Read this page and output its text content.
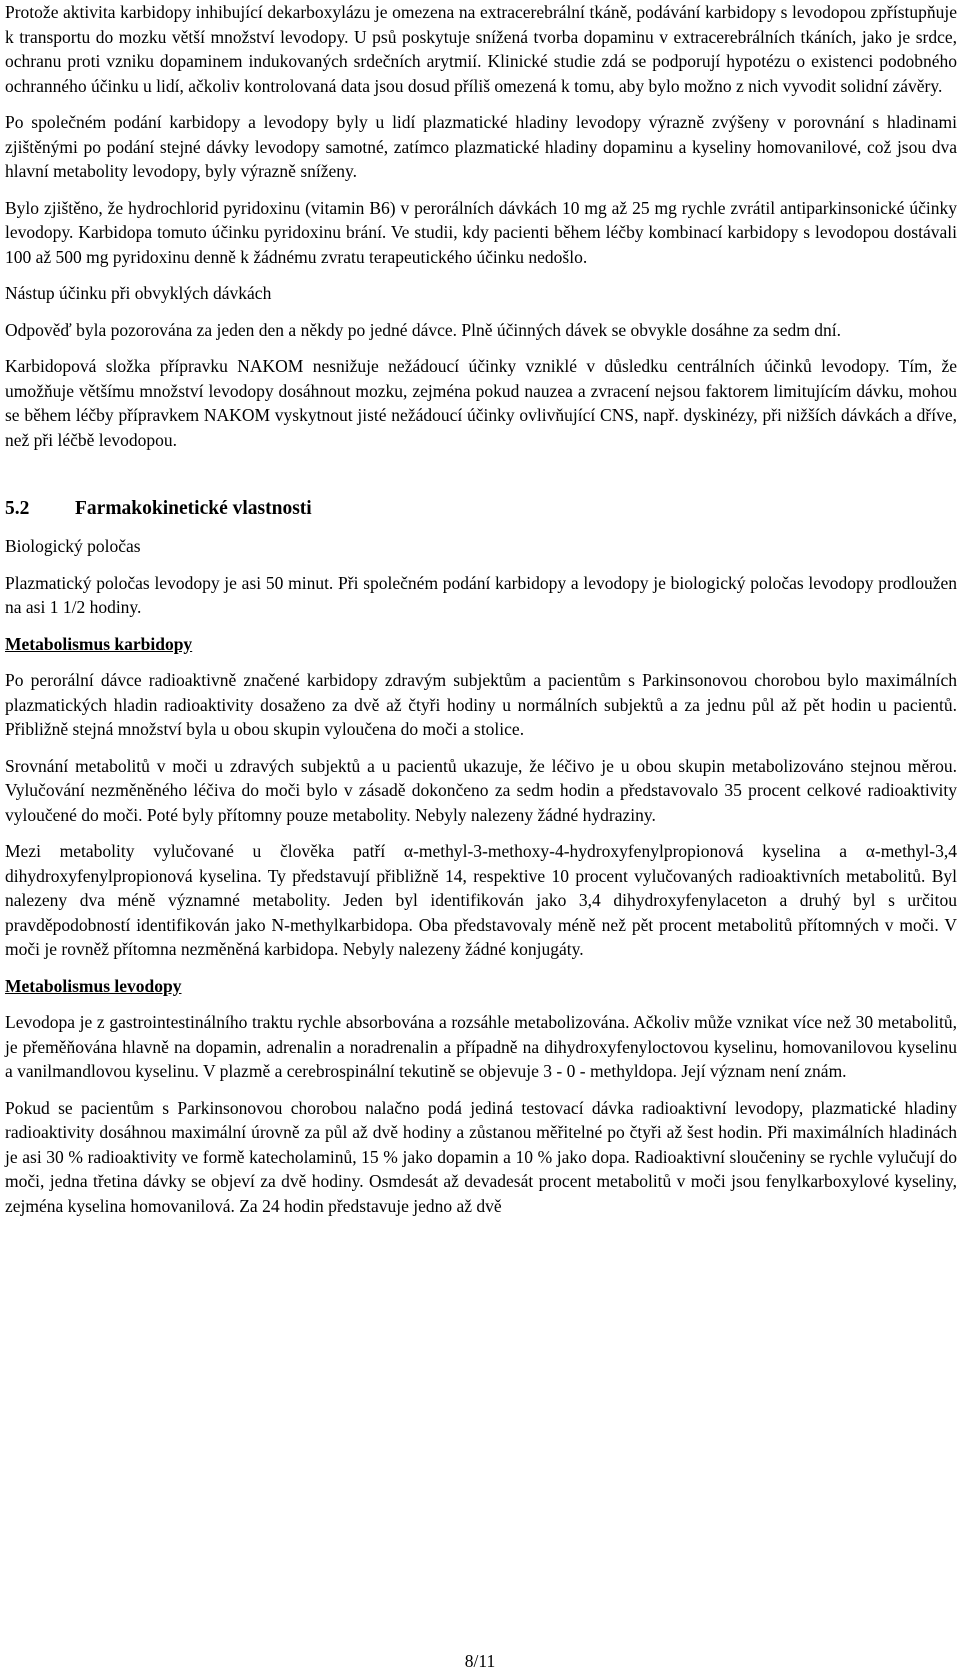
Protože aktivita karbidopy inhibující dekarboxylázu je omezena na extracerebrální tkáně, podávání karbidopy s levodopou zpřístupňuje k transportu do mozku větší množství levodopy. U psů poskytuje snížená tvorba dopaminu v extracerebrálních tkáních, jako je srdce, ochranu proti vzniku dopaminem indukovaných srdečních arytmií. Klinické studie zdá se podporují hypotézu o existenci podobného ochranného účinku u lidí, ačkoliv kontrolovaná data jsou dosud příliš omezená k tomu, aby bylo možno z nich vyvodit solidní závěry.

Po společném podání karbidopy a levodopy byly u lidí plazmatické hladiny levodopy výrazně zvýšeny v porovnání s hladinami zjištěnými po podání stejné dávky levodopy samotné, zatímco plazmatické hladiny dopaminu a kyseliny homovanilové, což jsou dva hlavní metabolity levodopy, byly výrazně sníženy.

Bylo zjištěno, že hydrochlorid pyridoxinu (vitamin B6) v perorálních dávkách 10 mg až 25 mg rychle zvrátil antiparkinsonické účinky levodopy. Karbidopa tomuto účinku pyridoxinu brání. Ve studii, kdy pacienti během léčby kombinací karbidopy s levodopou dostávali 100 až 500 mg pyridoxinu denně k žádnému zvratu terapeutického účinku nedošlo.

Nástup účinku při obvyklých dávkách

Odpověď byla pozorována za jeden den a někdy po jedné dávce. Plně účinných dávek se obvykle dosáhne za sedm dní.

Karbidopová složka přípravku NAKOM nesnižuje nežádoucí účinky vzniklé v důsledku centrálních účinků levodopy. Tím, že umožňuje většímu množství levodopy dosáhnout mozku, zejména pokud nauzea a zvracení nejsou faktorem limitujícím dávku, mohou se během léčby přípravkem NAKOM vyskytnout jisté nežádoucí účinky ovlivňující CNS, např. dyskinézy, při nižších dávkách a dříve, než při léčbě levodopou.

5.2	Farmakokinetické vlastnosti

Biologický poločas

Plazmatický poločas levodopy je asi 50 minut. Při společném podání karbidopy a levodopy je biologický poločas levodopy prodloužen na asi 1 1/2 hodiny.

Metabolismus karbidopy

Po perorální dávce radioaktivně značené karbidopy zdravým subjektům a pacientům s Parkinsonovou chorobou bylo maximálních plazmatických hladin radioaktivity dosaženo za dvě až čtyři hodiny u normálních subjektů a za jednu půl až pět hodin u pacientů. Přibližně stejná množství byla u obou skupin vyloučena do moči a stolice.

Srovnání metabolitů v moči u zdravých subjektů a u pacientů ukazuje, že léčivo je u obou skupin metabolizováno stejnou měrou. Vylučování nezměněného léčiva do moči bylo v zásadě dokončeno za sedm hodin a představovalo 35 procent celkové radioaktivity vyloučené do moči. Poté byly přítomny pouze metabolity. Nebyly nalezeny žádné hydraziny.

Mezi metabolity vylučované u člověka patří α-methyl-3-methoxy-4-hydroxyfenylpropionová kyselina a α-methyl-3,4 dihydroxyfenylpropionová kyselina. Ty představují přibližně 14, respektive 10 procent vylučovaných radioaktivních metabolitů. Byl nalezeny dva méně významné metabolity. Jeden byl identifikován jako 3,4 dihydroxyfenylaceton a druhý byl s určitou pravděpodobností identifikován jako N-methylkarbidopa. Oba představovaly méně než pět procent metabolitů přítomných v moči. V moči je rovněž přítomna nezměněná karbidopa. Nebyly nalezeny žádné konjugáty.

Metabolismus levodopy

Levodopa je z gastrointestinálního traktu rychle absorbována a rozsáhle metabolizována. Ačkoliv může vznikat více než 30 metabolitů, je přeměňována hlavně na dopamin, adrenalin a noradrenalin a případně na dihydroxyfenyloctovou kyselinu, homovanilovou kyselinu a vanilmandlovou kyselinu. V plazmě a cerebrospinální tekutině se objevuje 3 - 0 - methyldopa. Její význam není znám.

Pokud se pacientům s Parkinsonovou chorobou nalačno podá jediná testovací dávka radioaktivní levodopy, plazmatické hladiny radioaktivity dosáhnou maximální úrovně za půl až dvě hodiny a zůstanou měřitelné po čtyři až šest hodin. Při maximálních hladinách je asi 30 % radioaktivity ve formě katecholaminů, 15 % jako dopamin a 10 % jako dopa. Radioaktivní sloučeniny se rychle vylučují do moči, jedna třetina dávky se objeví za dvě hodiny. Osmdesát až devadesát procent metabolitů v moči jsou fenylkarboxylové kyseliny, zejména kyselina homovanilová. Za 24 hodin představuje jedno až dvě

8/11
